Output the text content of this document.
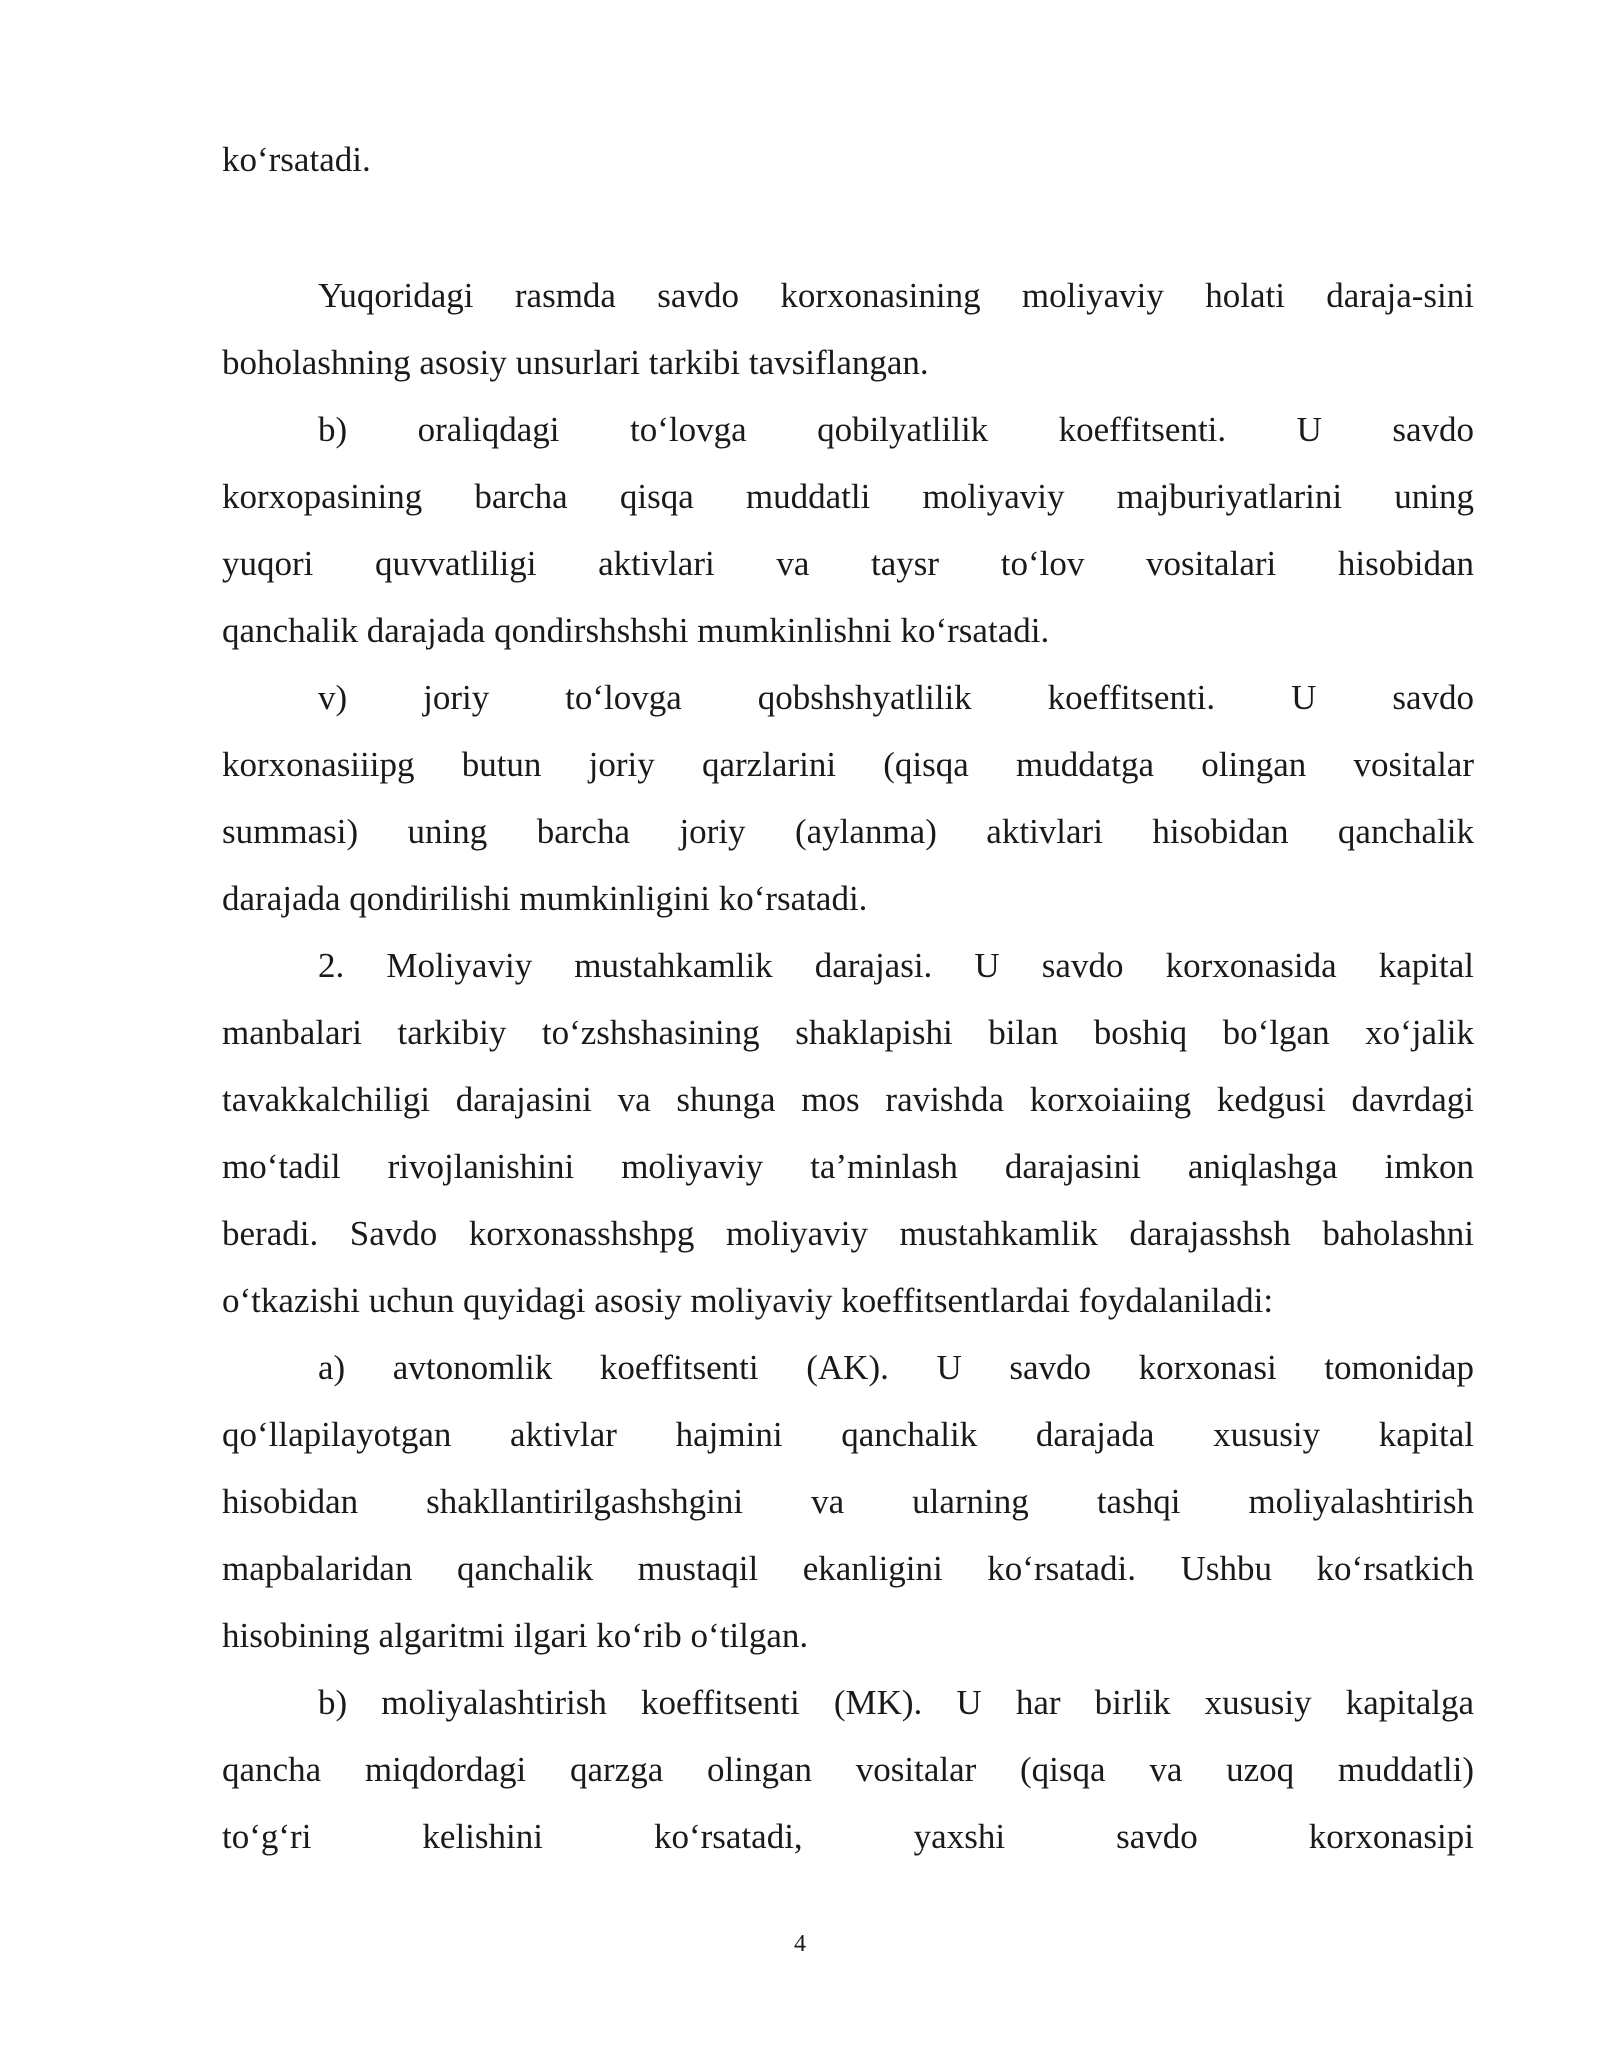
ko‘rsatadi.
Yuqoridagi rasmda savdo korxonasining moliyaviy holati daraja-sini
boholashning asosiy unsurlari tarkibi tavsiflangan.
b) oraliqdagi to‘lovga qobilyatlilik koeffitsenti. U savdo
korxopasining barcha qisqa muddatli moliyaviy majburiyatlarini uning
yuqori quvvatliligi aktivlari va taysr to‘lov vositalari hisobidan
qanchalik darajada qondirshshshi mumkinlishni ko‘rsatadi.
v) joriy to‘lovga qobshshyatlilik koeffitsenti. U savdo
korxonasiiipg butun joriy qarzlarini (qisqa muddatga olingan vositalar
summasi) uning barcha joriy (aylanma) aktivlari hisobidan qanchalik
darajada qondirilishi mumkinligini ko‘rsatadi.
2. Moliyaviy mustahkamlik darajasi. U savdo korxonasida kapital
manbalari tarkibiy to‘zshshasining shaklapishi bilan boshiq bo‘lgan xo‘jalik
tavakkalchiligi darajasini va shunga mos ravishda korxoiaiing kedgusi davrdagi
mo‘tadil rivojlanishini moliyaviy ta’minlash darajasini aniqlashga imkon
beradi. Savdo korxonasshshpg moliyaviy mustahkamlik darajasshsh baholashni
o‘tkazishi uchun quyidagi asosiy moliyaviy koeffitsentlardai foydalaniladi:
a) avtonomlik koeffitsenti (AK). U savdo korxonasi tomonidap
qo‘llapilayotgan aktivlar hajmini qanchalik darajada xususiy kapital
hisobidan shakllantirilgashshgini va ularning tashqi moliyalashtirish
mapbalaridan qanchalik mustaqil ekanligini ko‘rsatadi. Ushbu ko‘rsatkich
hisobining algaritmi ilgari ko‘rib o‘tilgan.
b) moliyalashtirish koeffitsenti (MK). U har birlik xususiy kapitalga
qancha miqdordagi qarzga olingan vositalar (qisqa va uzoq muddatli)
to‘g‘ri kelishini ko‘rsatadi, yaxshi savdo korxonasipi
4
